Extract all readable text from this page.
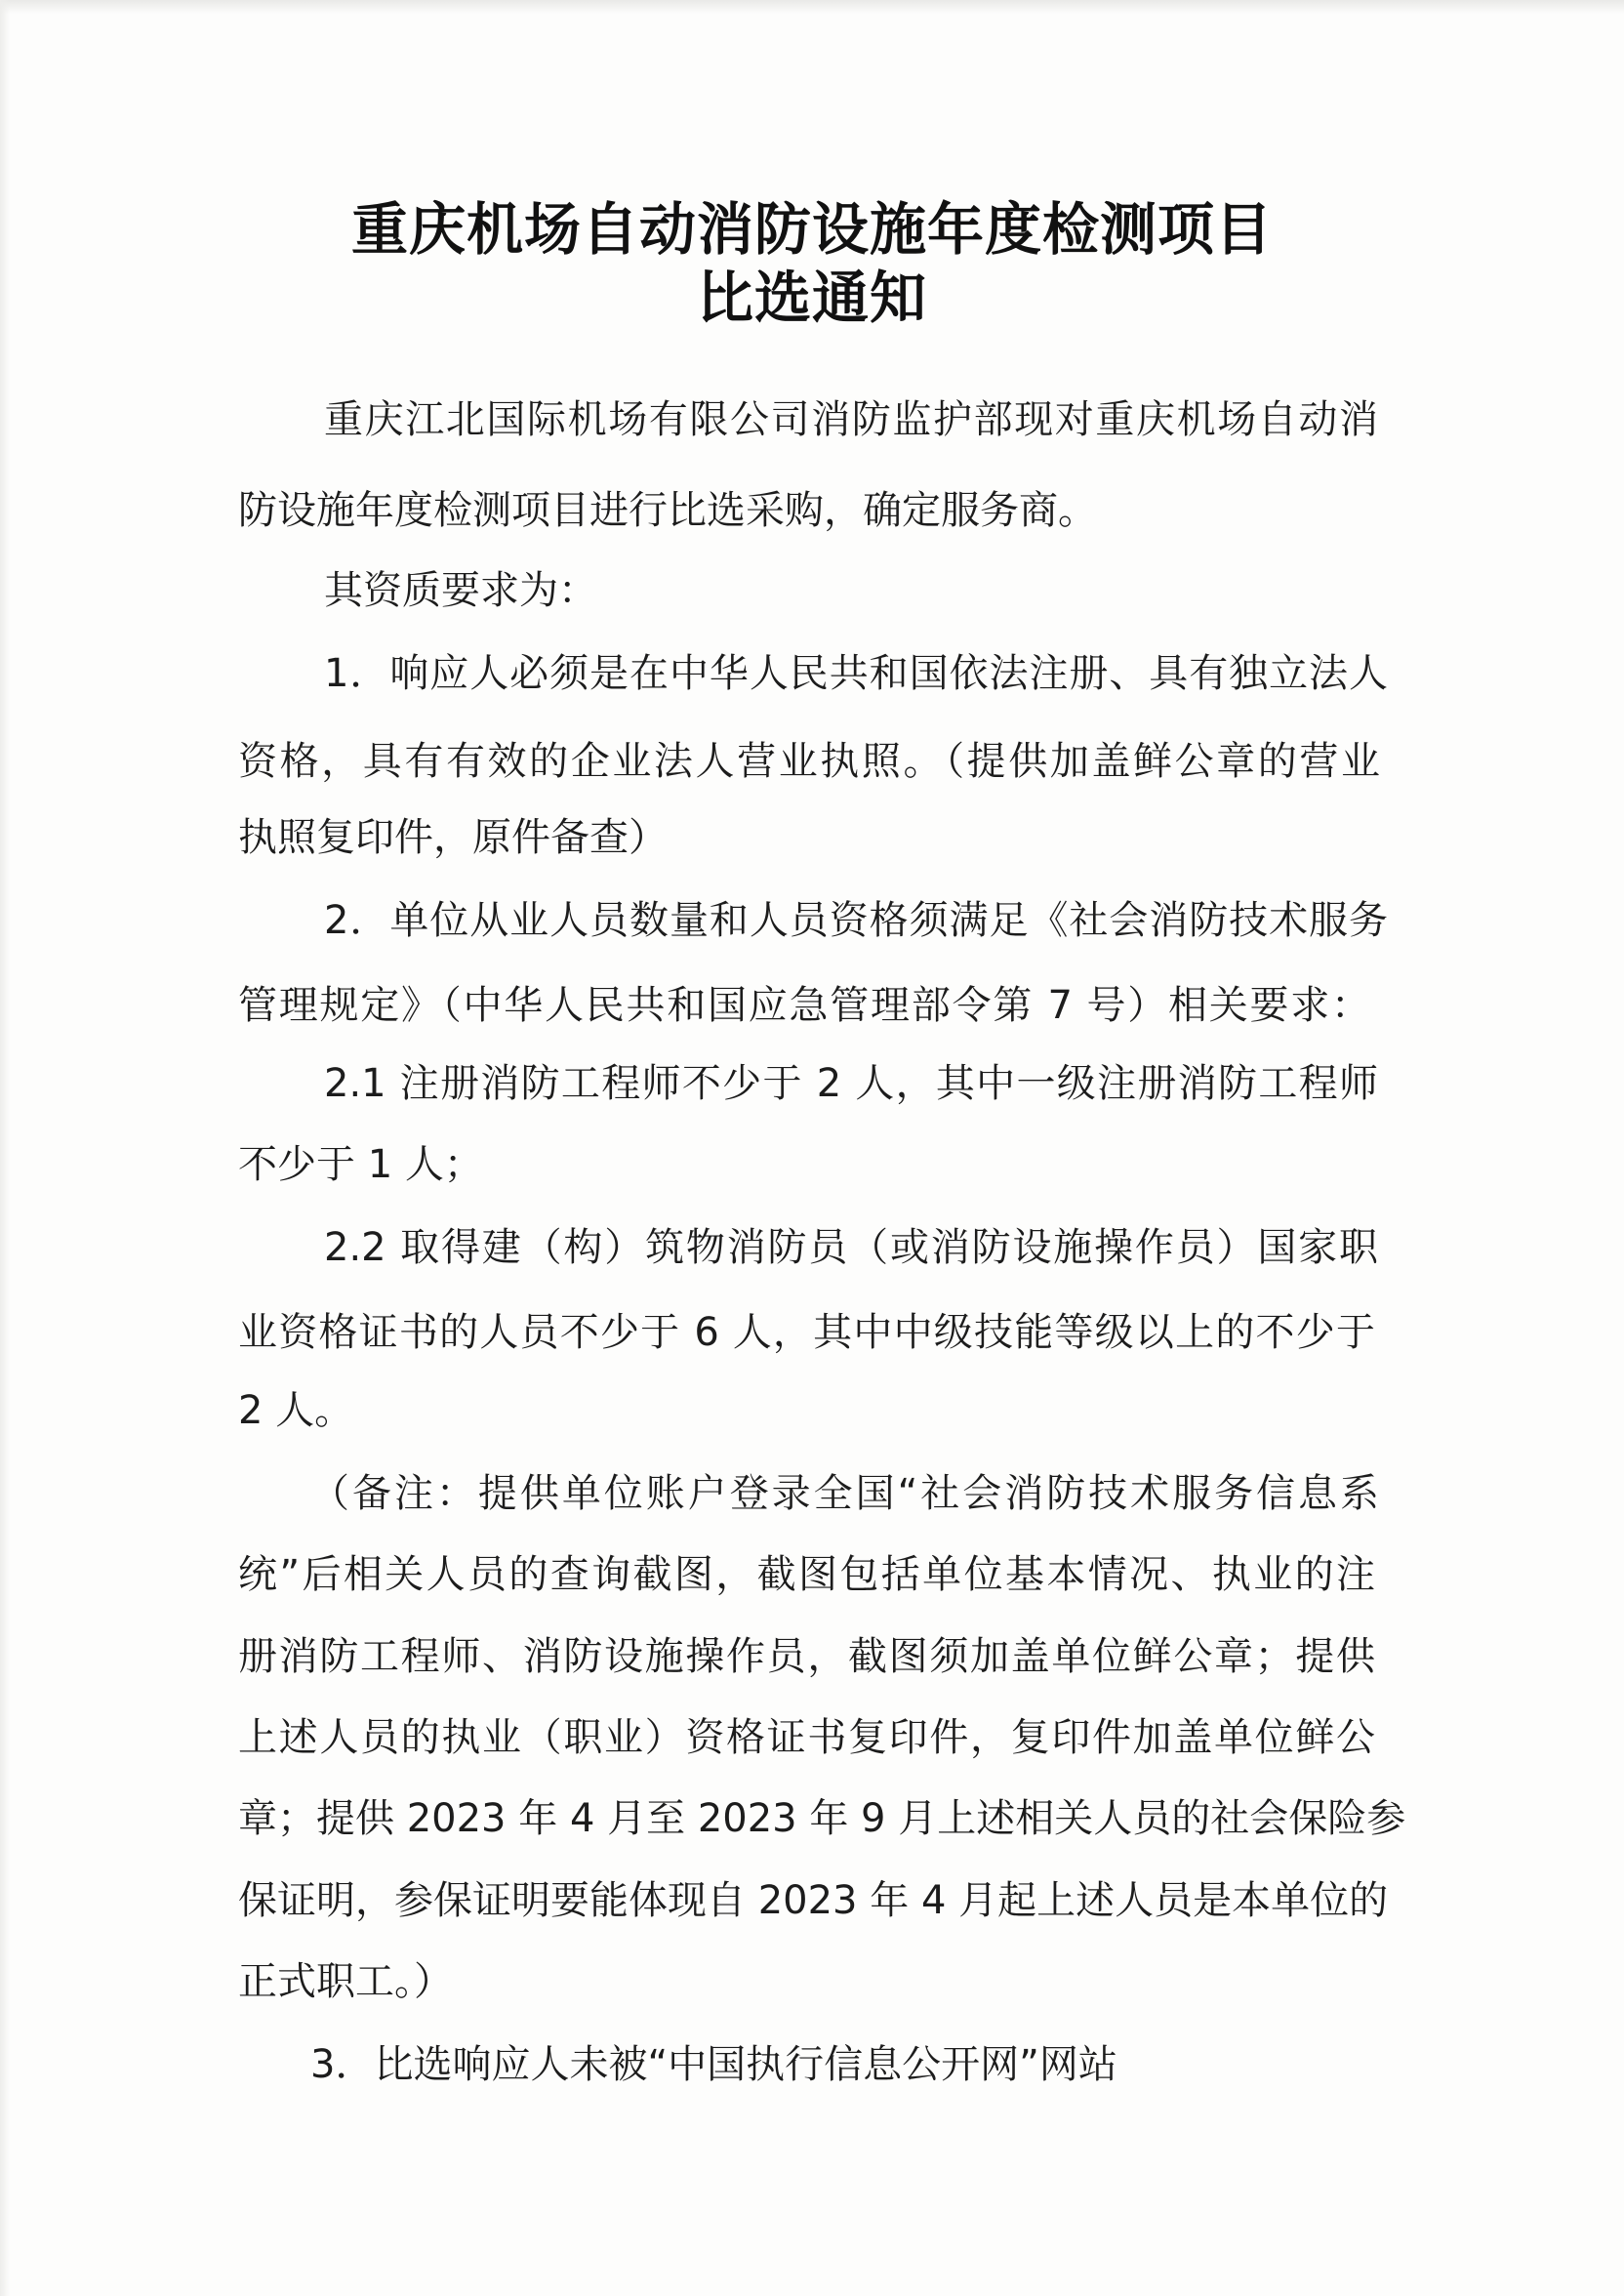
重庆机场自动消防设施年度检测项目
比选通知
重庆江北国际机场有限公司消防监护部现对重庆机场自动消
防设施年度检测项目进行比选采购，确定服务商。
其资质要求为：
1．响应人必须是在中华人民共和国依法注册、具有独立法人
资格，具有有效的企业法人营业执照。（提供加盖鲜公章的营业
执照复印件，原件备查）
2．单位从业人员数量和人员资格须满足《社会消防技术服务
管理规定》（中华人民共和国应急管理部令第 7 号）相关要求：
2.1 注册消防工程师不少于 2 人，其中一级注册消防工程师
不少于 1 人；
2.2 取得建（构）筑物消防员（或消防设施操作员）国家职
业资格证书的人员不少于 6 人，其中中级技能等级以上的不少于
2 人。
（备注：提供单位账户登录全国“社会消防技术服务信息系
统”后相关人员的查询截图，截图包括单位基本情况、执业的注
册消防工程师、消防设施操作员，截图须加盖单位鲜公章；提供
上述人员的执业（职业）资格证书复印件，复印件加盖单位鲜公
章；提供 2023 年 4 月至 2023 年 9 月上述相关人员的社会保险参
保证明，参保证明要能体现自 2023 年 4 月起上述人员是本单位的
正式职工。）
3．比选响应人未被“中国执行信息公开网”网站
